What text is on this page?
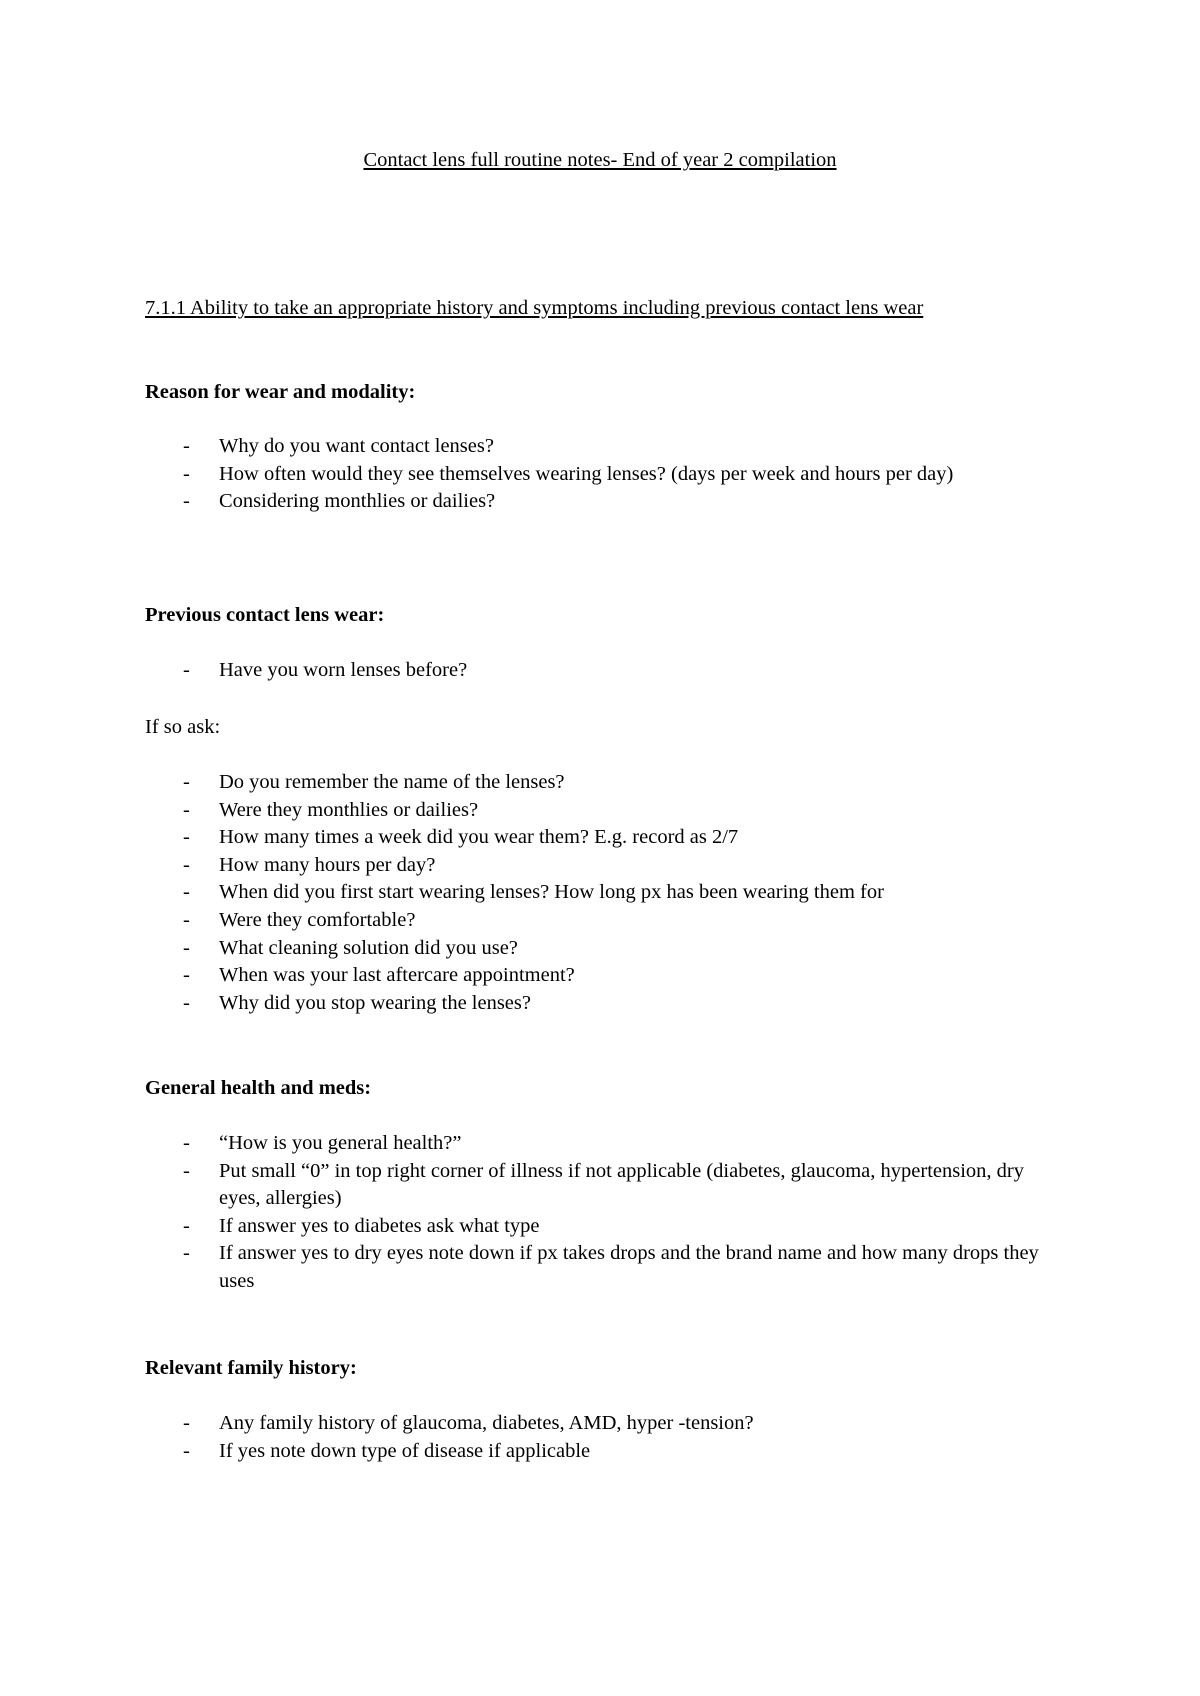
Contact lens full routine notes- End of year 2 compilation
7.1.1 Ability to take an appropriate history and symptoms including previous contact lens wear
Reason for wear and modality:
- Why do you want contact lenses?
- How often would they see themselves wearing lenses? (days per week and hours per day)
- Considering monthlies or dailies?
Previous contact lens wear:
- Have you worn lenses before?
If so ask:
- Do you remember the name of the lenses?
- Were they monthlies or dailies?
- How many times a week did you wear them? E.g. record as 2/7
- How many hours per day?
- When did you first start wearing lenses? How long px has been wearing them for
- Were they comfortable?
- What cleaning solution did you use?
- When was your last aftercare appointment?
- Why did you stop wearing the lenses?
General health and meds:
- “How is you general health?”
- Put small “0” in top right corner of illness if not applicable (diabetes, glaucoma, hypertension, dry eyes, allergies)
- If answer yes to diabetes ask what type
- If answer yes to dry eyes note down if px takes drops and the brand name and how many drops they uses
Relevant family history:
- Any family history of glaucoma, diabetes, AMD, hyper -tension?
- If yes note down type of disease if applicable
